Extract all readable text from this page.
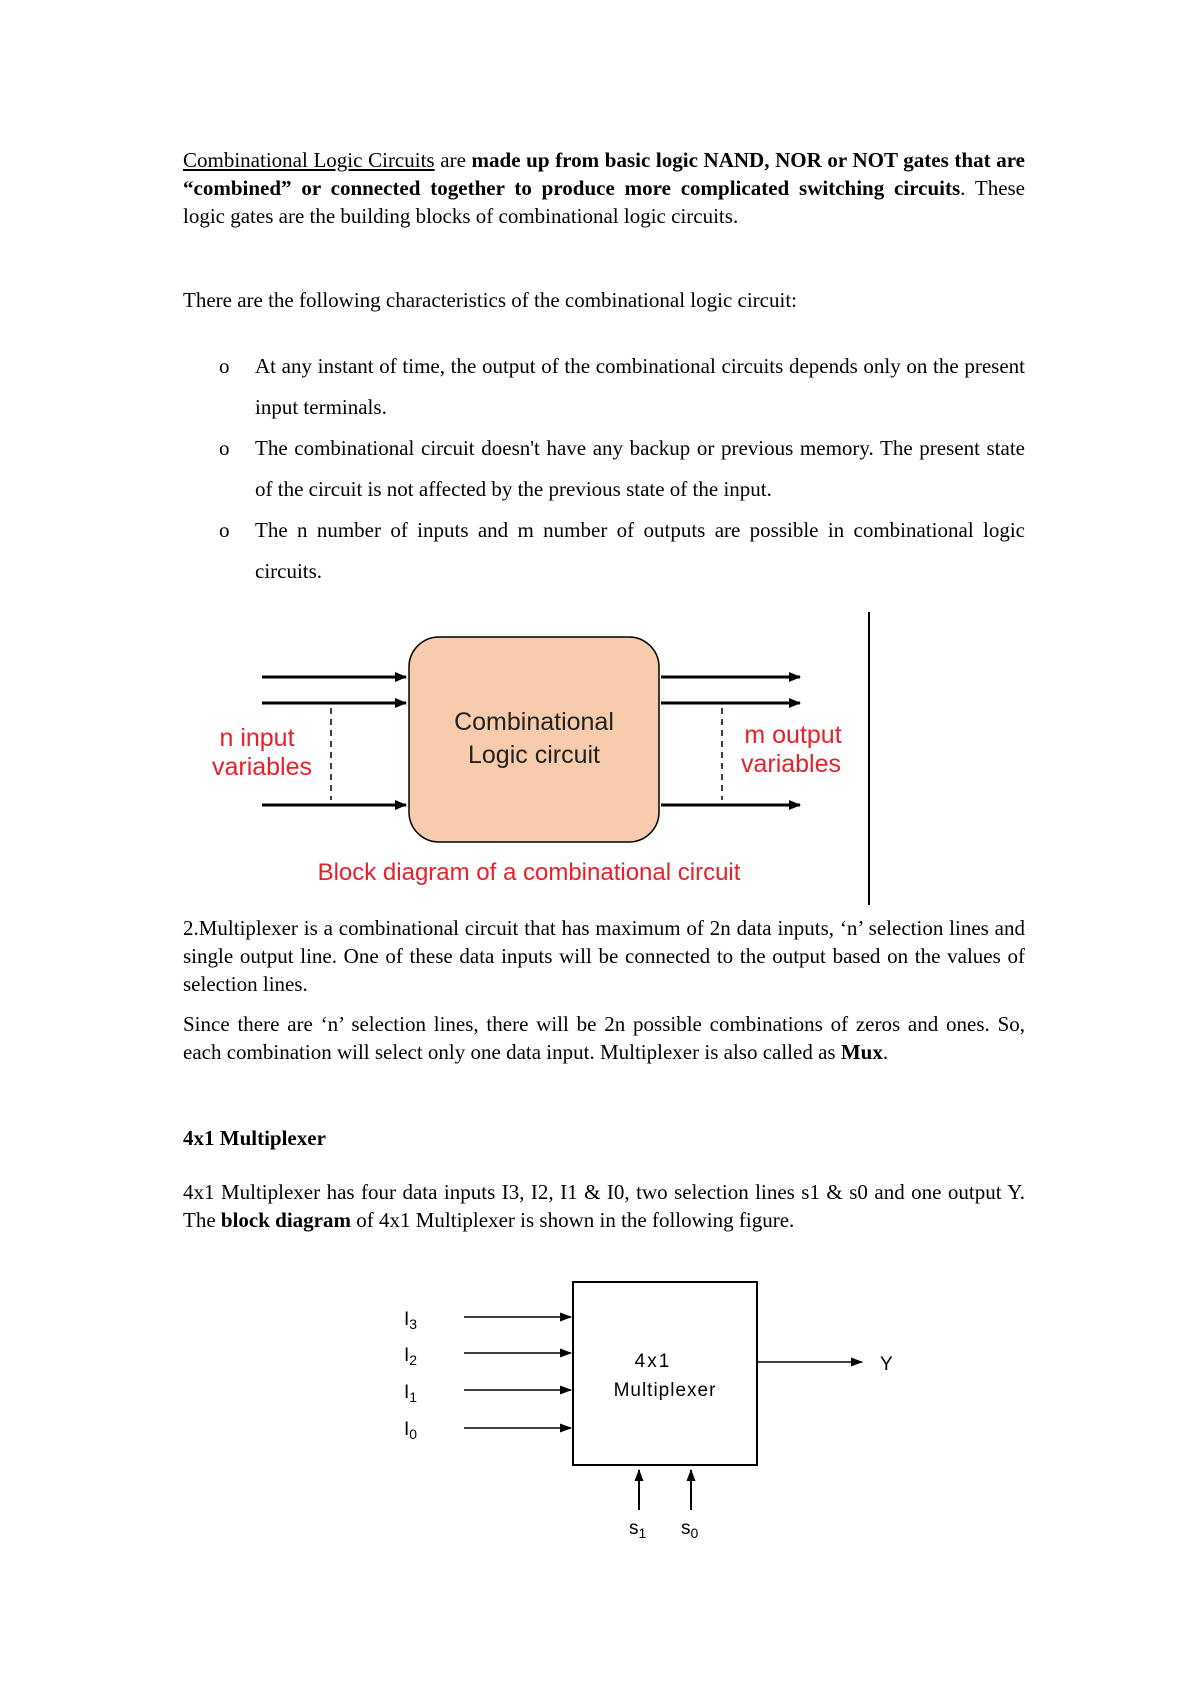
Combinational Logic Circuits are made up from basic logic NAND, NOR or NOT gates that are “combined” or connected together to produce more complicated switching circuits. These logic gates are the building blocks of combinational logic circuits.
There are the following characteristics of the combinational logic circuit:
o At any instant of time, the output of the combinational circuits depends only on the present input terminals.
o The combinational circuit doesn't have any backup or previous memory. The present state of the circuit is not affected by the previous state of the input.
o The n number of inputs and m number of outputs are possible in combinational logic circuits.
Combinational
Logic circuit
n input
variables
m output
variables
Block diagram of a combinational circuit
2.Multiplexer is a combinational circuit that has maximum of 2n data inputs, ‘n’ selection lines and single output line. One of these data inputs will be connected to the output based on the values of selection lines.
Since there are ‘n’ selection lines, there will be 2n possible combinations of zeros and ones. So, each combination will select only one data input. Multiplexer is also called as Mux.
4x1 Multiplexer
4x1 Multiplexer has four data inputs I3, I2, I1 & I0, two selection lines s1 & s0 and one output Y. The block diagram of 4x1 Multiplexer is shown in the following figure.
4x1
Multiplexer
$I_3$
$I_2$
$I_1$
$I_0$
Y
$s_1$ $s_0$
